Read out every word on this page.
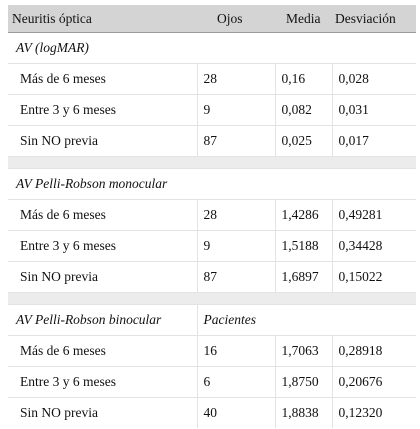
Neuritis óptica	Ojos	Media	Desviación
AV (logMAR)			
Más de 6 meses	28	0,16	0,028
Entre 3 y 6 meses	9	0,082	0,031
Sin NO previa	87	0,025	0,017

AV Pelli-Robson monocular			
Más de 6 meses	28	1,4286	0,49281
Entre 3 y 6 meses	9	1,5188	0,34428
Sin NO previa	87	1,6897	0,15022

AV Pelli-Robson binocular	Pacientes		
Más de 6 meses	16	1,7063	0,28918
Entre 3 y 6 meses	6	1,8750	0,20676
Sin NO previa	40	1,8838	0,12320
